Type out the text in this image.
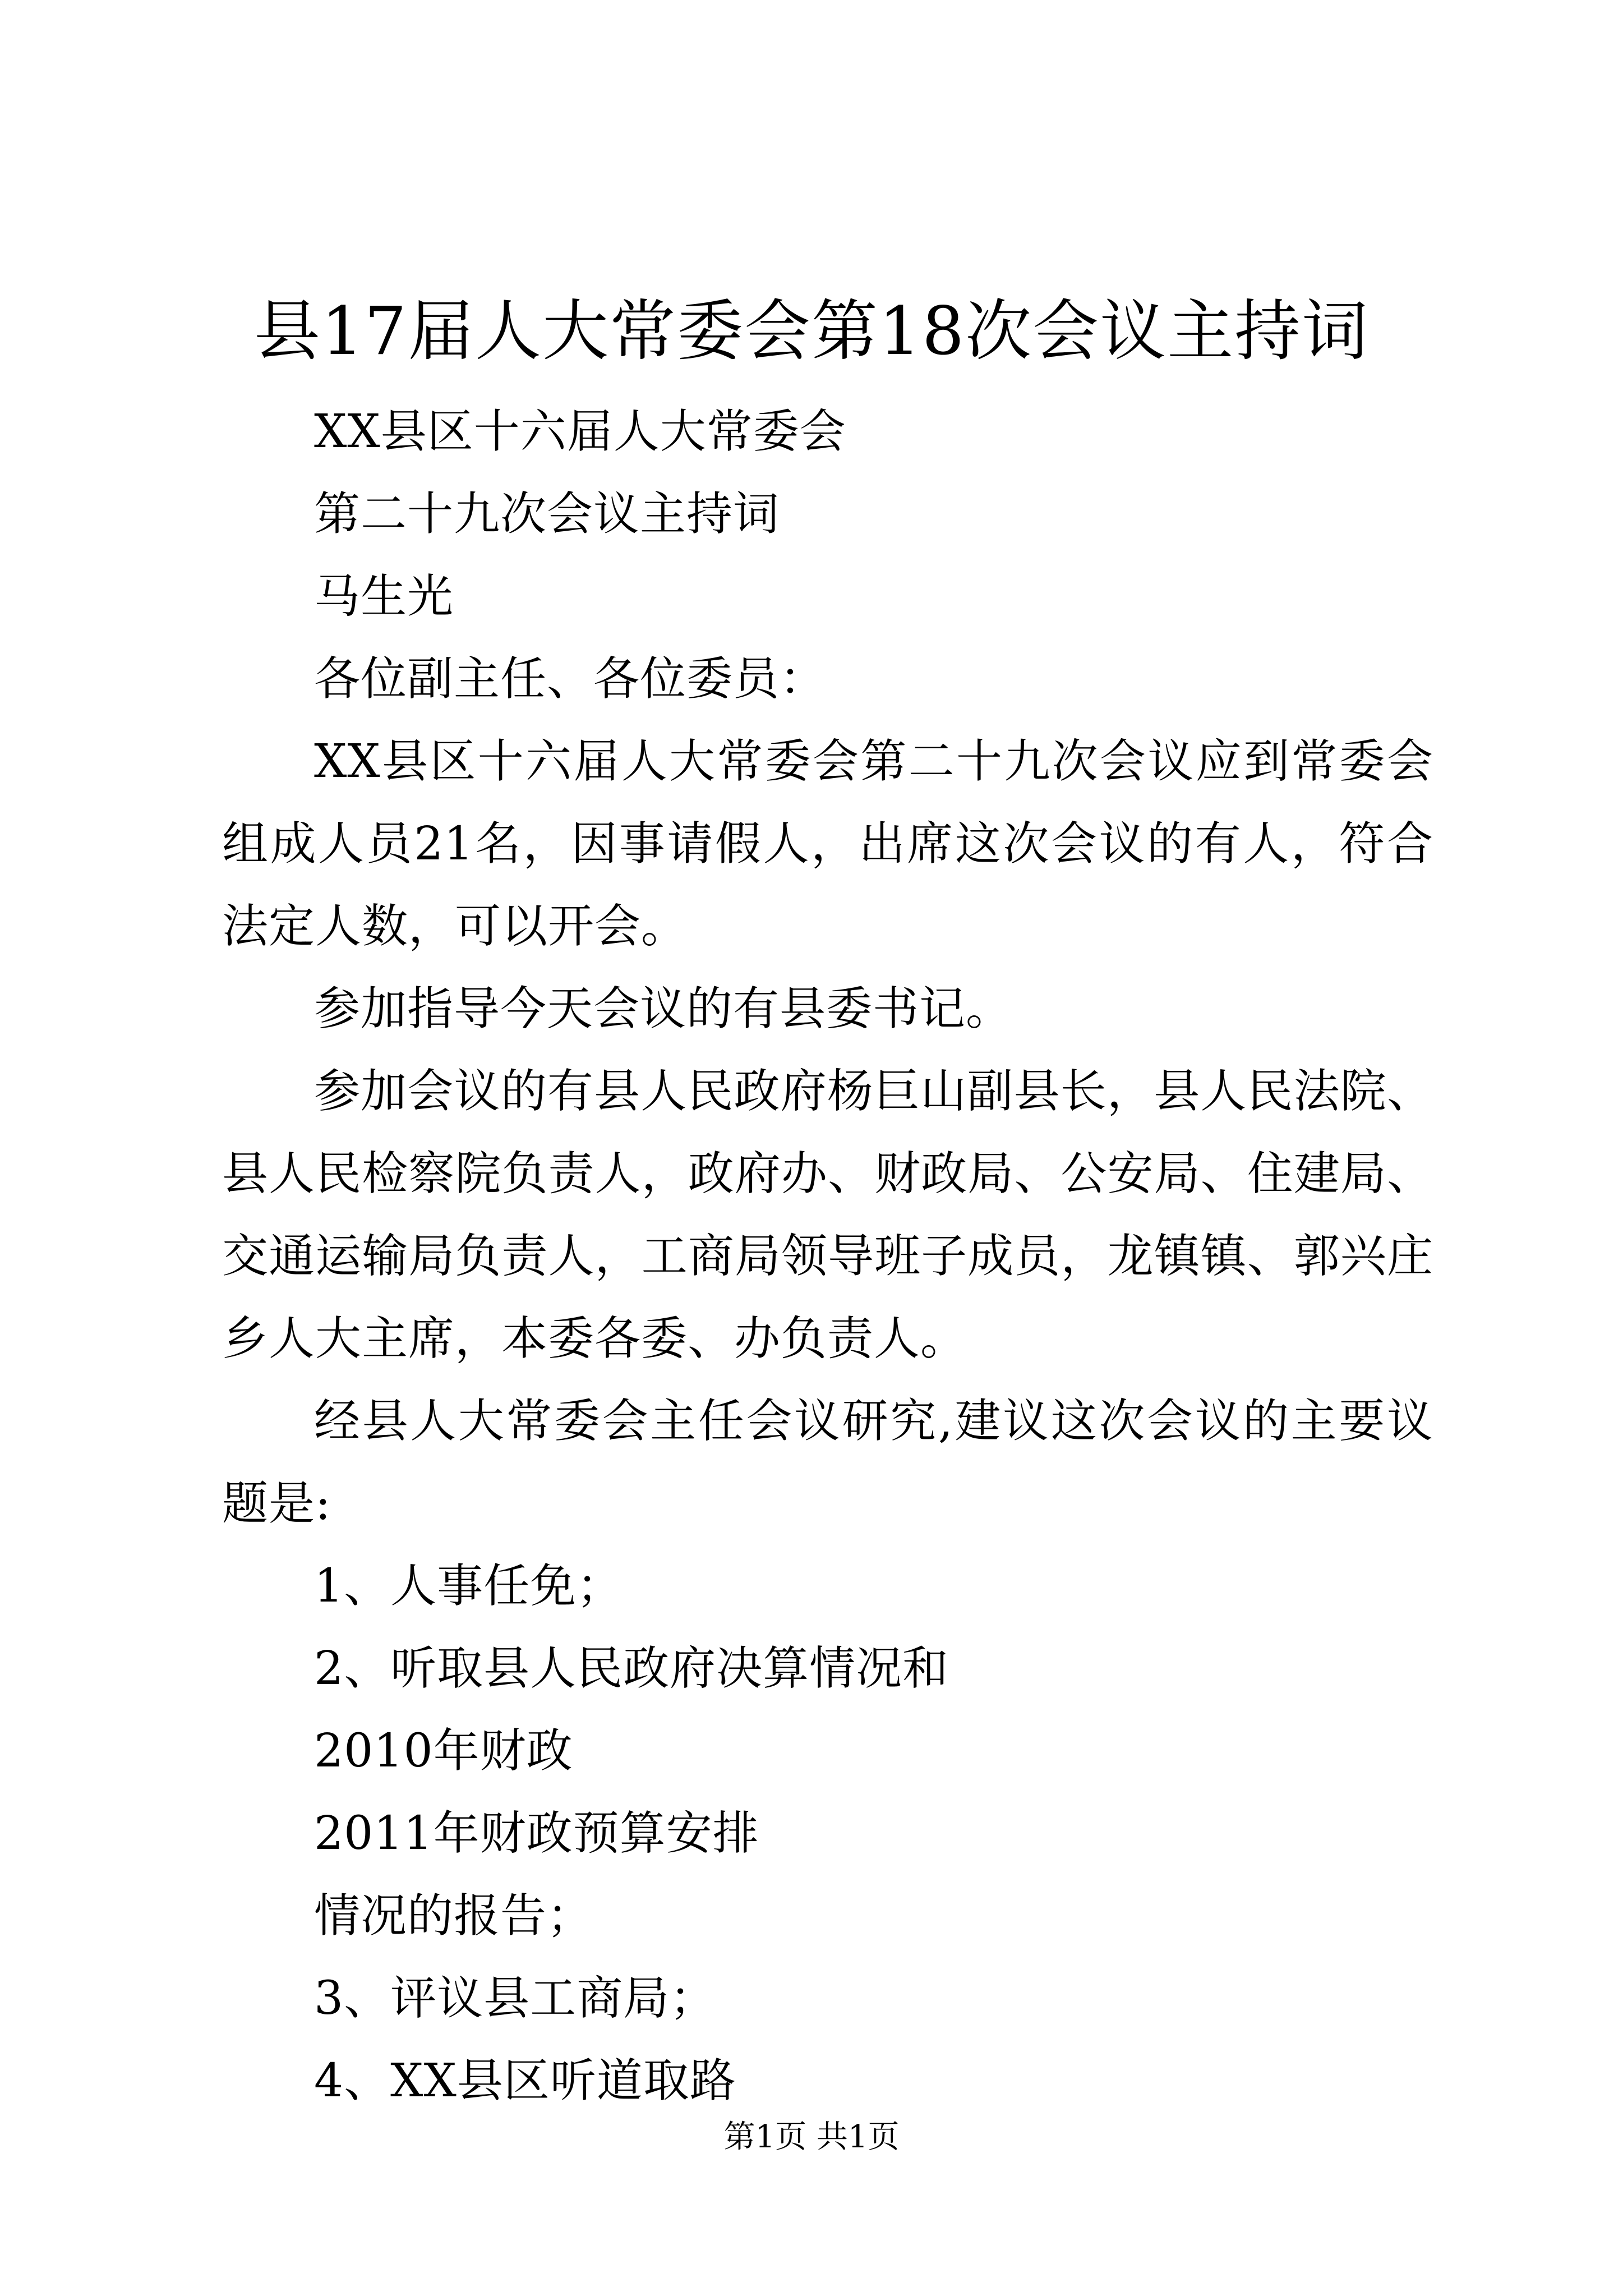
县17届人大常委会第18次会议主持词

XX县区十六届人大常委会

第二十九次会议主持词

马生光

各位副主任、各位委员：

XX县区十六届人大常委会第二十九次会议应到常委会组成人员21名，因事请假人，出席这次会议的有人，符合法定人数，可以开会。

参加指导今天会议的有县委书记。

参加会议的有县人民政府杨巨山副县长，县人民法院、县人民检察院负责人，政府办、财政局、公安局、住建局、交通运输局负责人，工商局领导班子成员，龙镇镇、郭兴庄乡人大主席，本委各委、办负责人。

经县人大常委会主任会议研究,建议这次会议的主要议题是:

1、人事任免；

2、听取县人民政府决算情况和

2010年财政

2011年财政预算安排

情况的报告；

3、评议县工商局；

4、XX县区听道取路

第1页 共1页
